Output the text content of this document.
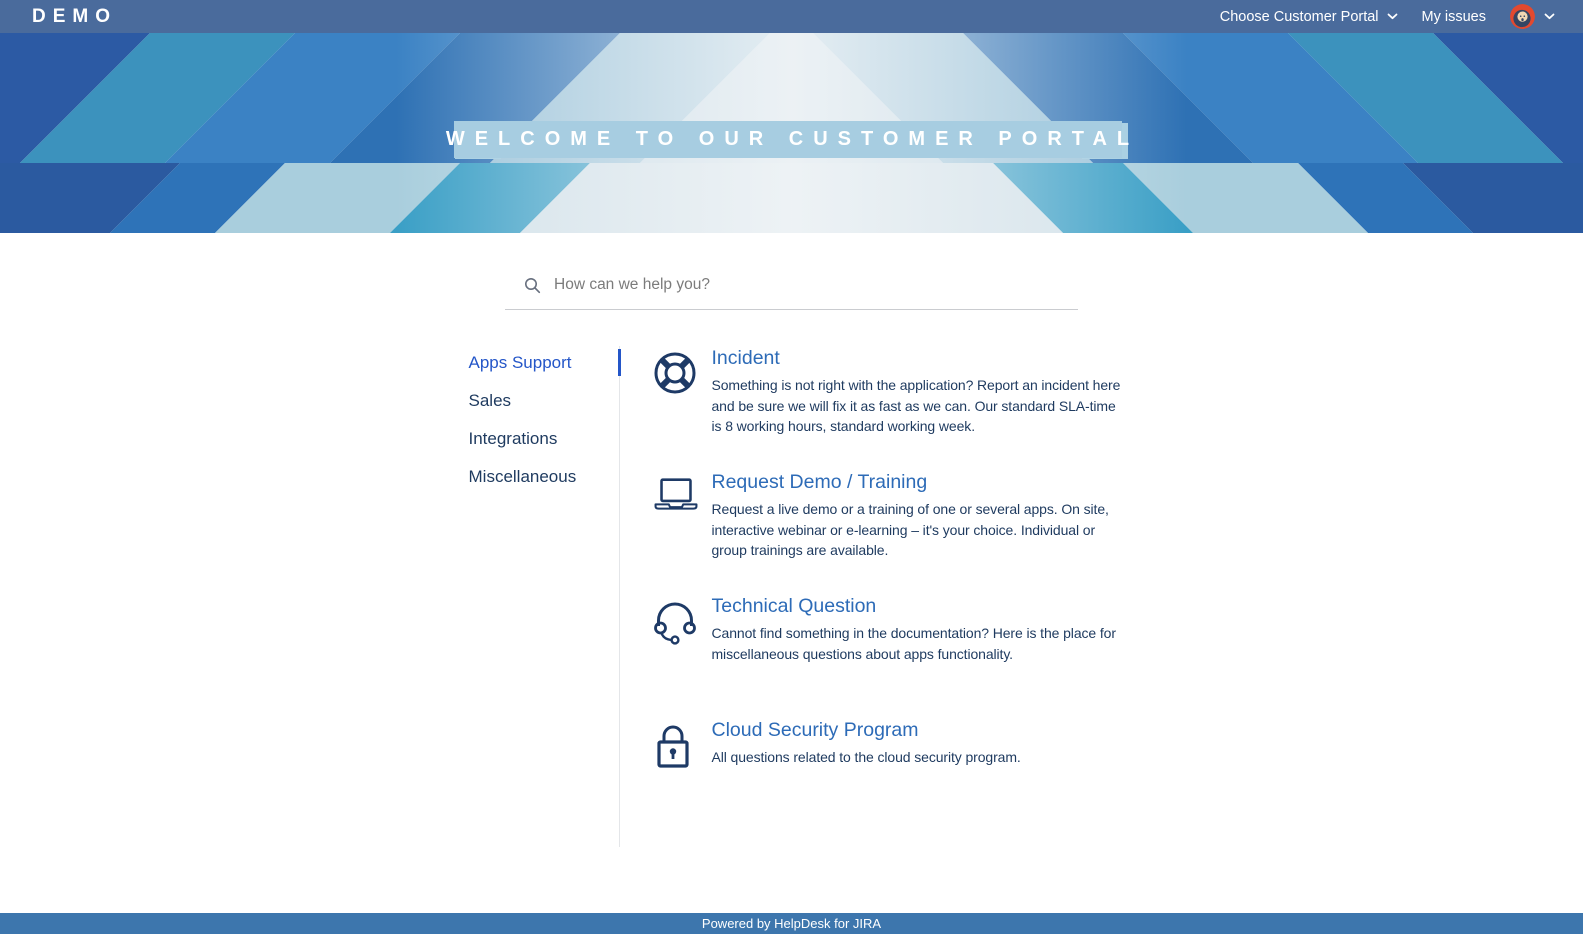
DEMO	Choose Customer Portal	My issues
WELCOME TO OUR CUSTOMER PORTAL
How can we help you?
Apps Support
Sales
Integrations
Miscellaneous
Incident

Something is not right with the application? Report an incident here and be sure we will fix it as fast as we can. Our standard SLA-time is 8 working hours, standard working week.

Request Demo / Training

Request a live demo or a training of one or several apps. On site, interactive webinar or e-learning – it's your choice. Individual or group trainings are available.

Technical Question

Cannot find something in the documentation? Here is the place for miscellaneous questions about apps functionality.

Cloud Security Program

All questions related to the cloud security program.

Powered by HelpDesk for JIRA
